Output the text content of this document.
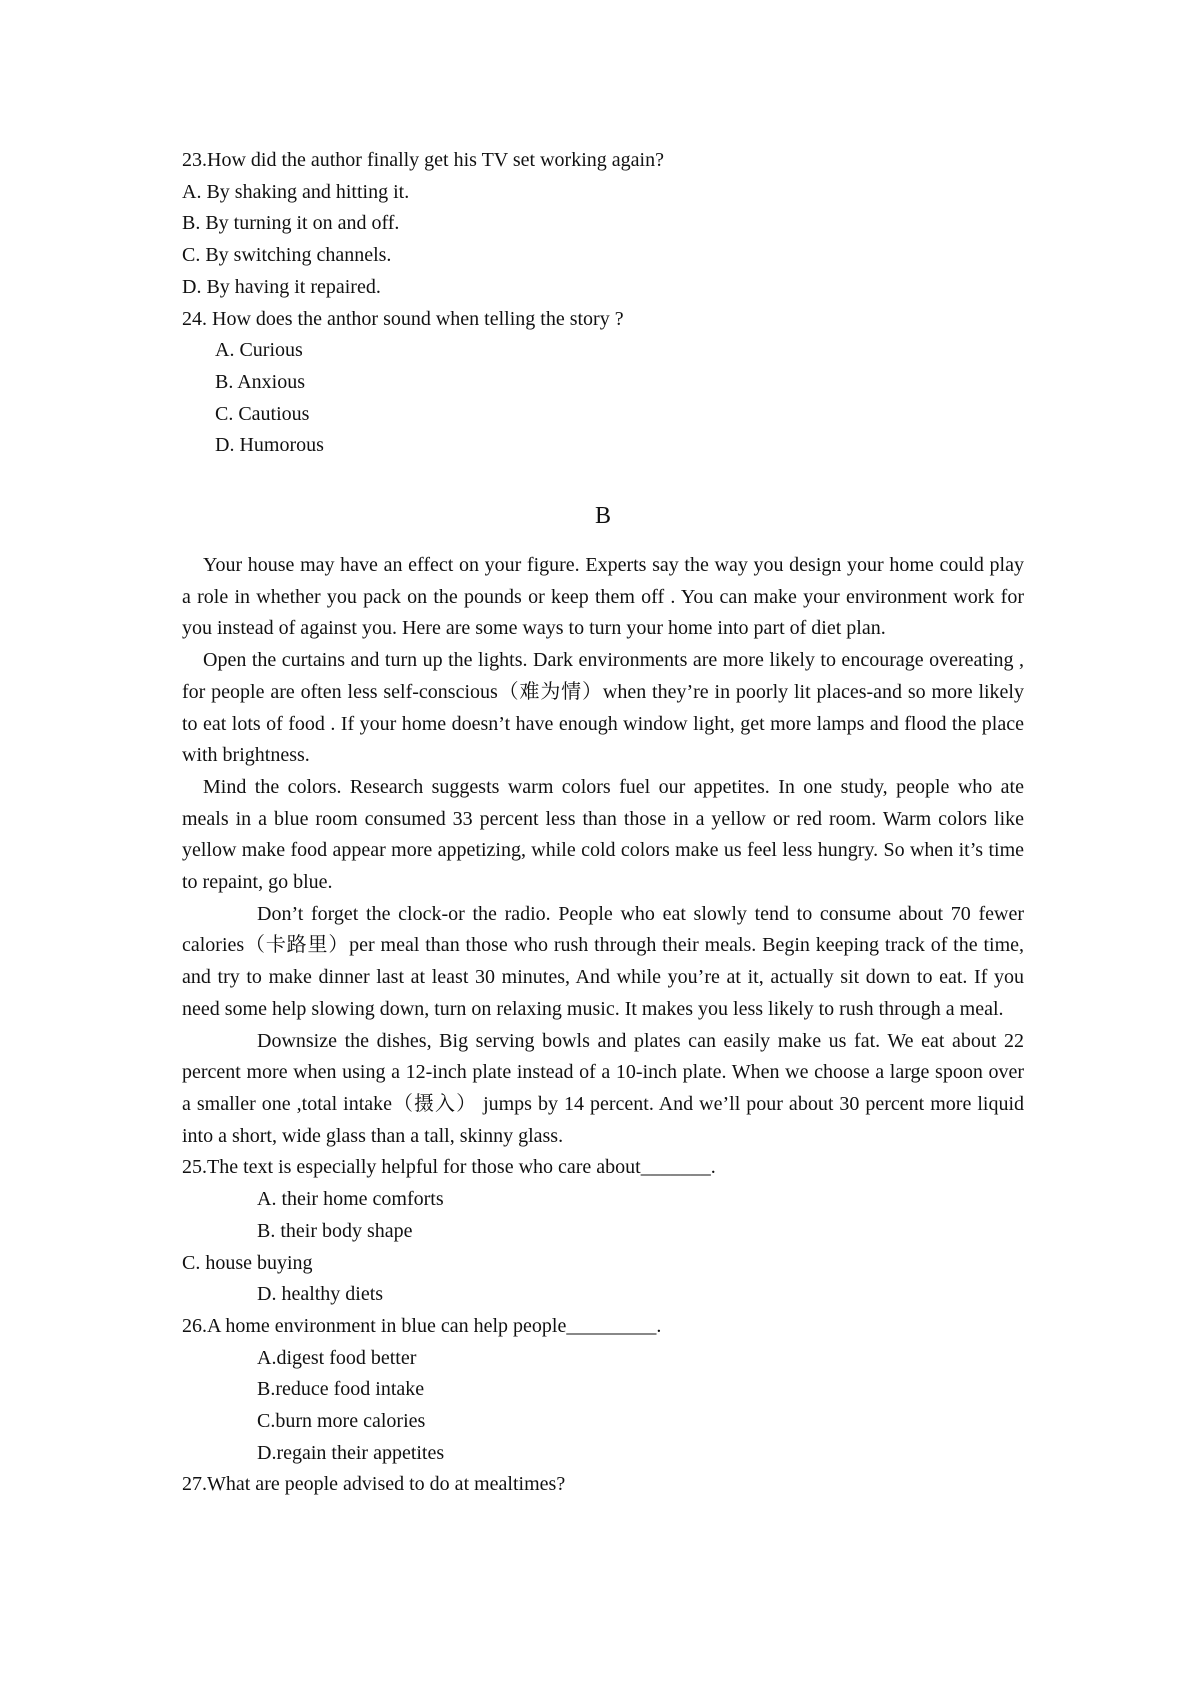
23.How did the author finally get his TV set working again?
A. By shaking and hitting it.
B. By turning it on and off.
C. By switching channels.
D. By having it repaired.
24. How does the anthor sound when telling the story ?
A. Curious
B. Anxious
C. Cautious
D. Humorous
B

Your house may have an effect on your figure. Experts say the way you design your home could play a role in whether you pack on the pounds or keep them off . You can make your environment work for you instead of against you. Here are some ways to turn your home into part of diet plan.

Open the curtains and turn up the lights. Dark environments are more likely to encourage overeating , for people are often less self-conscious（难为情）when they’re in poorly lit places-and so more likely to eat lots of food . If your home doesn’t have enough window light, get more lamps and flood the place with brightness.

Mind the colors. Research suggests warm colors fuel our appetites. In one study, people who ate meals in a blue room consumed 33 percent less than those in a yellow or red room. Warm colors like yellow make food appear more appetizing, while cold colors make us feel less hungry. So when it’s time to repaint, go blue.

Don’t forget the clock-or the radio. People who eat slowly tend to consume about 70 fewer calories（卡路里）per meal than those who rush through their meals. Begin keeping track of the time, and try to make dinner last at least 30 minutes, And while you’re at it, actually sit down to eat. If you need some help slowing down, turn on relaxing music. It makes you less likely to rush through a meal.

Downsize the dishes, Big serving bowls and plates can easily make us fat. We eat about 22 percent more when using a 12-inch plate instead of a 10-inch plate. When we choose a large spoon over a smaller one ,total intake（摄入） jumps by 14 percent. And we’ll pour about 30 percent more liquid into a short, wide glass than a tall, skinny glass.

25.The text is especially helpful for those who care about_______.
A. their home comforts
B. their body shape
C. house buying
D. healthy diets
26.A home environment in blue can help people_________.
A.digest food better
B.reduce food intake
C.burn more calories
D.regain their appetites
27.What are people advised to do at mealtimes?
